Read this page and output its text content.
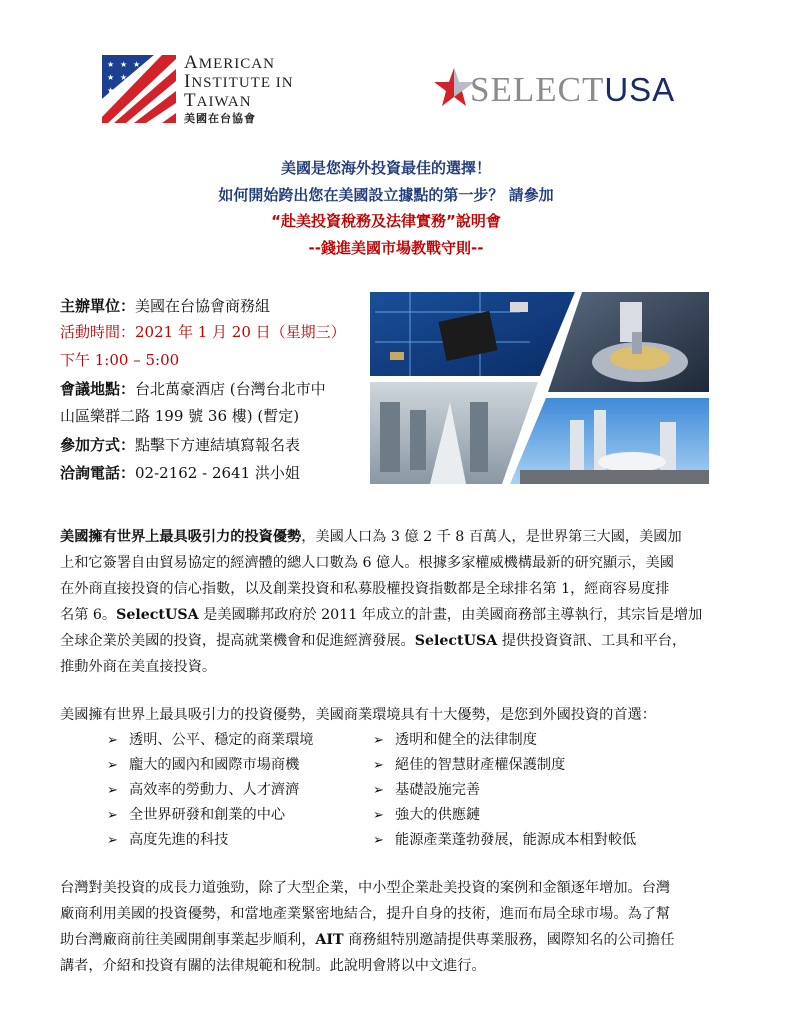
★ ★ ★
★ ★
★
AMERICAN
INSTITUTE IN
TAIWAN
美國在台協會
SELECTUSA
美國是您海外投資最佳的選擇！
如何開始跨出您在美國設立據點的第一步？ 請參加
“赴美投資稅務及法律實務”說明會
--錢進美國市場教戰守則--
主辦單位：美國在台協會商務組
活動時間：2021 年 1 月 20 日（星期三）
下午 1:00 – 5:00
會議地點：台北萬豪酒店 (台灣台北市中
山區樂群二路 199 號 36 樓) (暫定)
參加方式：點擊下方連結填寫報名表
洽詢電話：02-2162 - 2641 洪小姐
美國擁有世界上最具吸引力的投資優勢，美國人口為 3 億 2 千 8 百萬人，是世界第三大國，美國加
上和它簽署自由貿易協定的經濟體的總人口數為 6 億人。根據多家權威機構最新的研究顯示，美國
在外商直接投資的信心指數，以及創業投資和私募股權投資指數都是全球排名第 1，經商容易度排
名第 6。SelectUSA 是美國聯邦政府於 2011 年成立的計畫，由美國商務部主導執行，其宗旨是增加
全球企業於美國的投資，提高就業機會和促進經濟發展。SelectUSA 提供投資資訊、工具和平台，
推動外商在美直接投資。
美國擁有世界上最具吸引力的投資優勢，美國商業環境具有十大優勢，是您到外國投資的首選：
➢ 透明、公平、穩定的商業環境
➢ 龐大的國內和國際市場商機
➢ 高效率的勞動力、人才濟濟
➢ 全世界研發和創業的中心
➢ 高度先進的科技
➢ 透明和健全的法律制度
➢ 絕佳的智慧財產權保護制度
➢ 基礎設施完善
➢ 強大的供應鏈
➢ 能源產業蓬勃發展，能源成本相對較低
台灣對美投資的成長力道強勁，除了大型企業，中小型企業赴美投資的案例和金額逐年增加。台灣
廠商利用美國的投資優勢，和當地產業緊密地結合，提升自身的技術，進而布局全球市場。為了幫
助台灣廠商前往美國開創事業起步順利，AIT 商務組特別邀請提供專業服務，國際知名的公司擔任
講者，介紹和投資有關的法律規範和稅制。此說明會將以中文進行。
